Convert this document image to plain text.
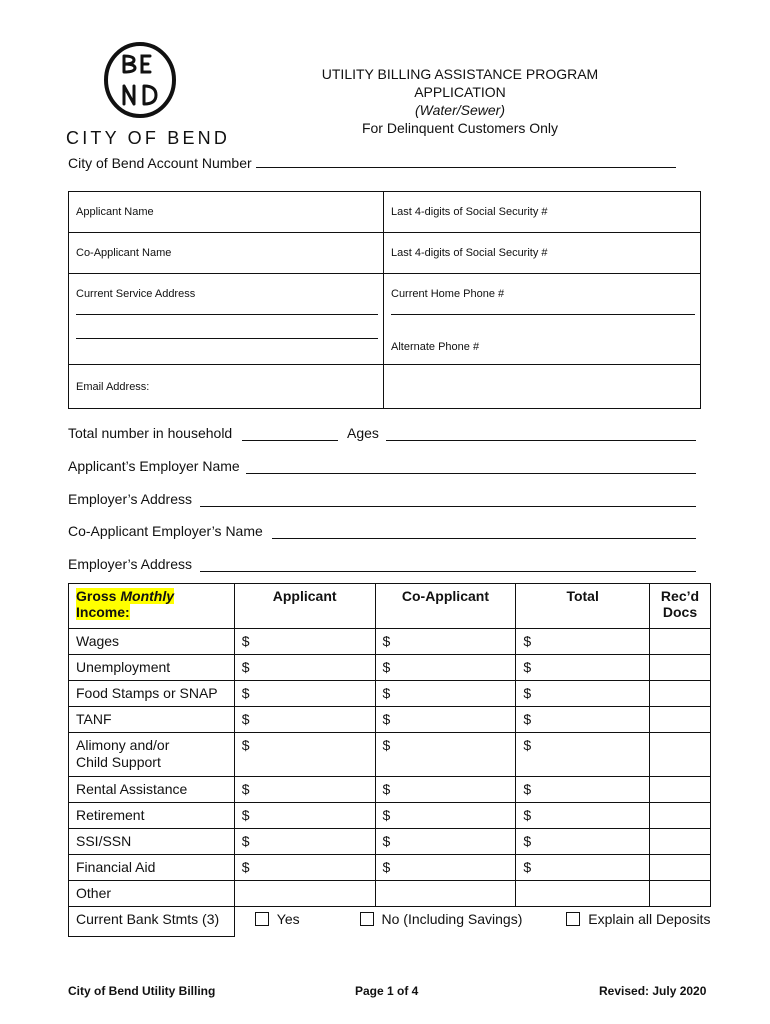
CITY OF BEND
UTILITY BILLING ASSISTANCE PROGRAM
APPLICATION
(Water/Sewer)
For Delinquent Customers Only
City of Bend Account Number
Applicant Name	Last 4-digits of Social Security #
Co-Applicant Name	Last 4-digits of Social Security #
Current Service Address	Current Home Phone #
Alternate Phone #
Email Address:
Total number in household	Ages
Applicant’s Employer Name
Employer’s Address
Co-Applicant Employer’s Name
Employer’s Address
Gross Monthly Income:	Applicant	Co-Applicant	Total	Rec’d
Docs
Wages	$	$	$	
Unemployment	$	$	$	
Food Stamps or SNAP	$	$	$	
TANF	$	$	$	
Alimony and/or
Child Support	$	$	$	
Rental Assistance	$	$	$	
Retirement	$	$	$	
SSI/SSN	$	$	$	
Financial Aid	$	$	$	
Other				
Current Bank Stmts (3)	Yes No (Including Savings) Explain all Deposits			
City of Bend Utility Billing	Page 1 of 4	Revised: July 2020
